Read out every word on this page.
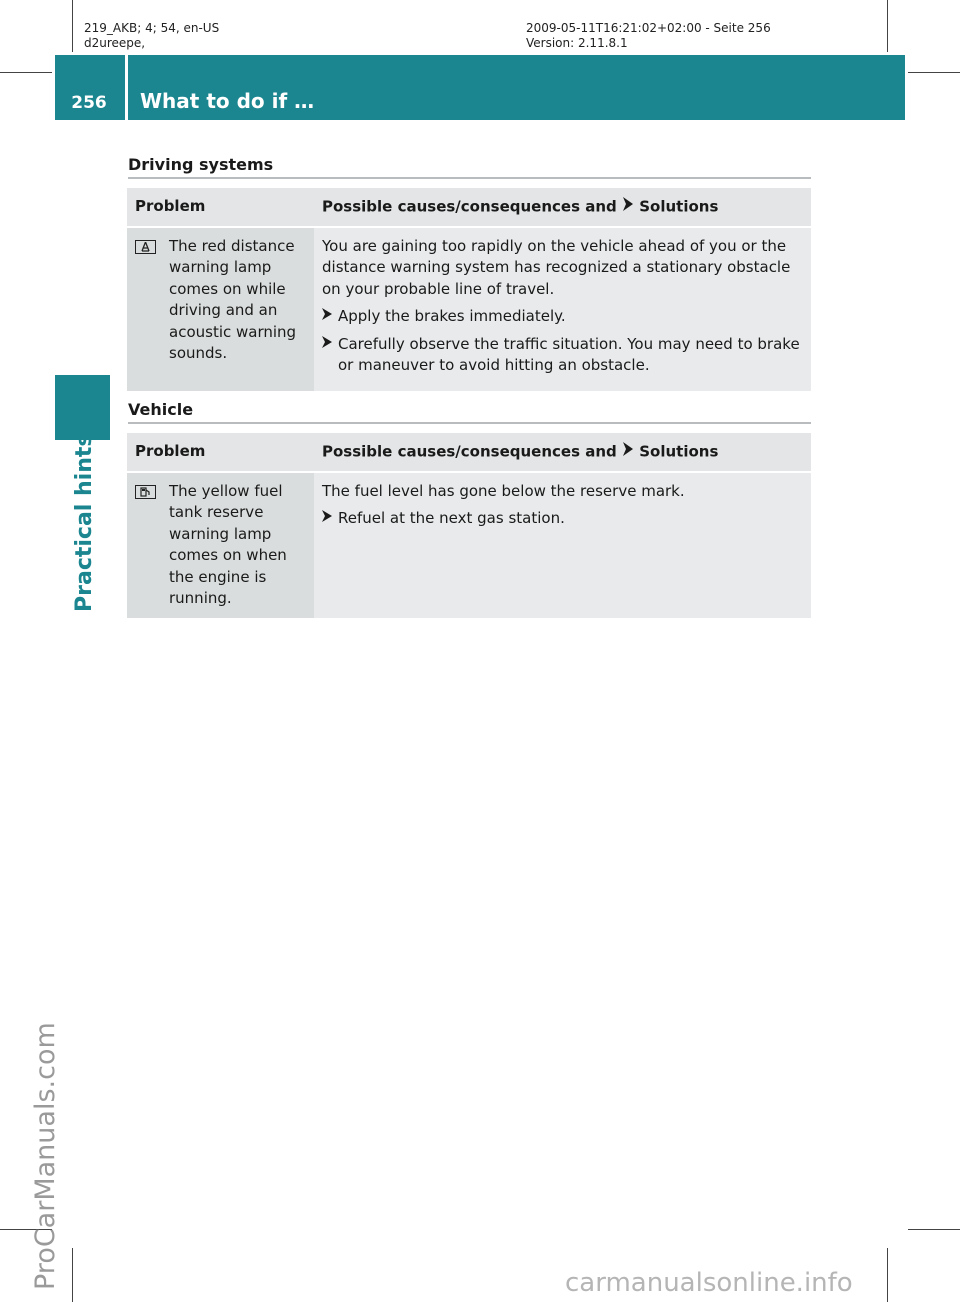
219_AKB; 4; 54, en-US
d2ureepe,
2009-05-11T16:21:02+02:00 - Seite 256
Version: 2.11.8.1
256	What to do if …
Practical hints
Driving systems
Problem	Possible causes/consequences and Solutions

The red distance warning lamp comes on while driving and an acoustic warning sounds.	You are gaining too rapidly on the vehicle ahead of you or the distance warning system has recognized a stationary obstacle on your probable line of travel.

Apply the brakes immediately.
Carefully observe the traffic situation. You may need to brake or maneuver to avoid hitting an obstacle.
Vehicle
Problem	Possible causes/consequences and Solutions

The yellow fuel tank reserve warning lamp comes on when the engine is running.	The fuel level has gone below the reserve mark.

Refuel at the next gas station.
ProCarManuals.com	carmanualsonline.info
